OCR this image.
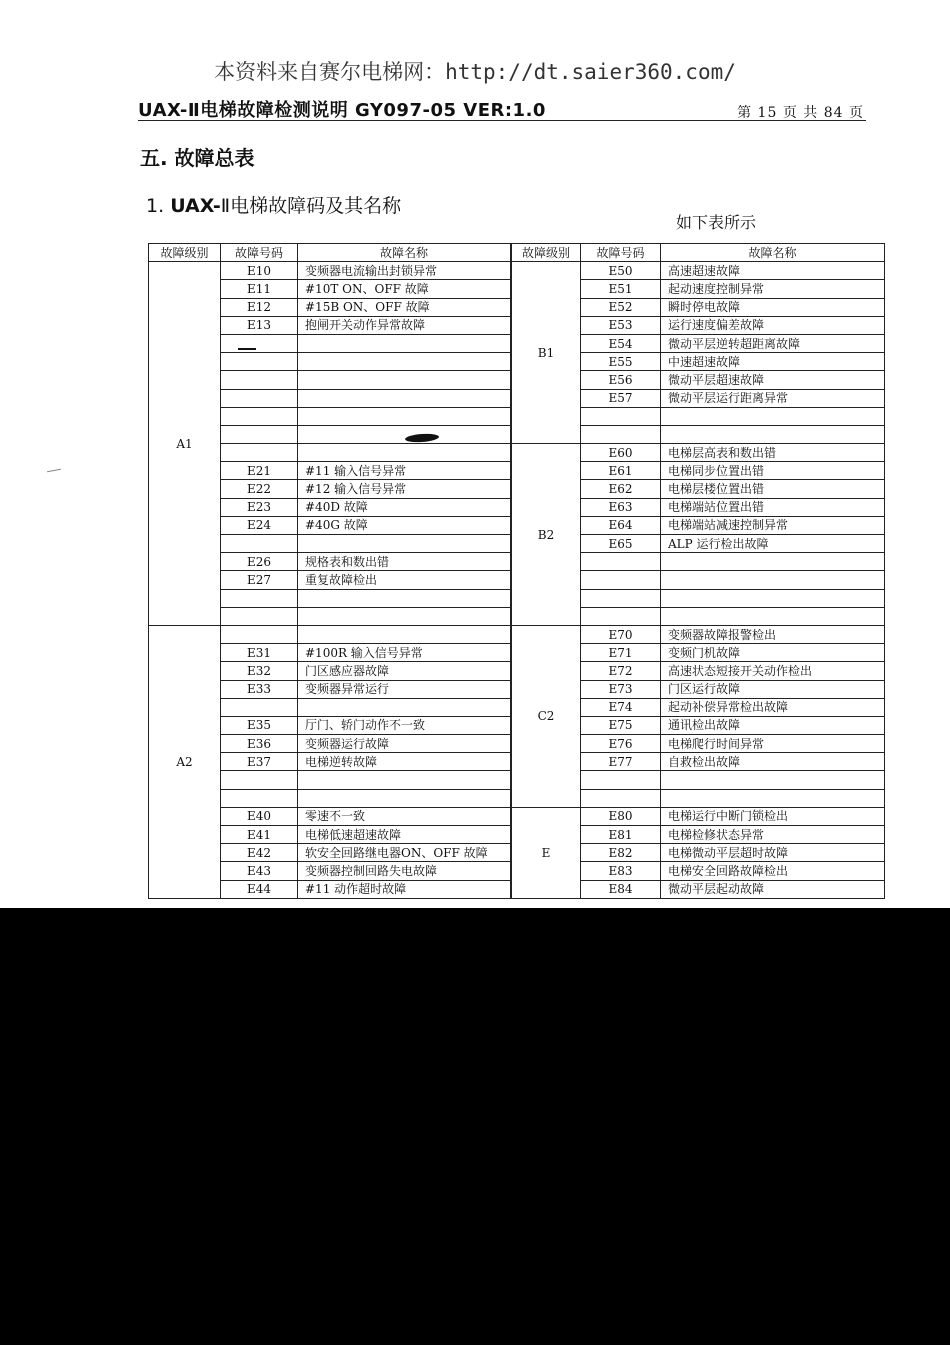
本资料来自赛尔电梯网：http://dt.saier360.com/
UAX-Ⅱ电梯故障检测说明 GY097-05 VER:1.0	第 15 页 共 84 页
五. 故障总表
1. UAX-Ⅱ电梯故障码及其名称
如下表所示
故障级别	故障号码	故障名称
A1	E10	变频器电流输出封锁异常
	E11	#10T ON、OFF 故障
	E12	#15B ON、OFF 故障
	E13	抱闸开关动作异常故障

	E21	#11 输入信号异常
	E22	#12 输入信号异常
	E23	#40D 故障
	E24	#40G 故障

	E26	规格表和数出错
	E27	重复故障检出

A2		
	E31	#100R 输入信号异常
	E32	门区感应器故障
	E33	变频器异常运行

	E35	厅门、轿门动作不一致
	E36	变频器运行故障
	E37	电梯逆转故障

	E40	零速不一致
	E41	电梯低速超速故障
	E42	软安全回路继电器ON、OFF 故障
	E43	变频器控制回路失电故障
	E44	#11 动作超时故障
故障级别	故障号码	故障名称
B1	E50	高速超速故障
	E51	起动速度控制异常
	E52	瞬时停电故障
	E53	运行速度偏差故障
	E54	微动平层逆转超距离故障
	E55	中速超速故障
	E56	微动平层超速故障
	E57	微动平层运行距离异常

B2	E60	电梯层高表和数出错
	E61	电梯同步位置出错
	E62	电梯层楼位置出错
	E63	电梯端站位置出错
	E64	电梯端站减速控制异常
	E65	ALP 运行检出故障

C2	E70	变频器故障报警检出
	E71	变频门机故障
	E72	高速状态短接开关动作检出
	E73	门区运行故障
	E74	起动补偿异常检出故障
	E75	通讯检出故障
	E76	电梯爬行时间异常
	E77	自救检出故障

E	E80	电梯运行中断门锁检出
	E81	电梯检修状态异常
	E82	电梯微动平层超时故障
	E83	电梯安全回路故障检出
	E84	微动平层起动故障
